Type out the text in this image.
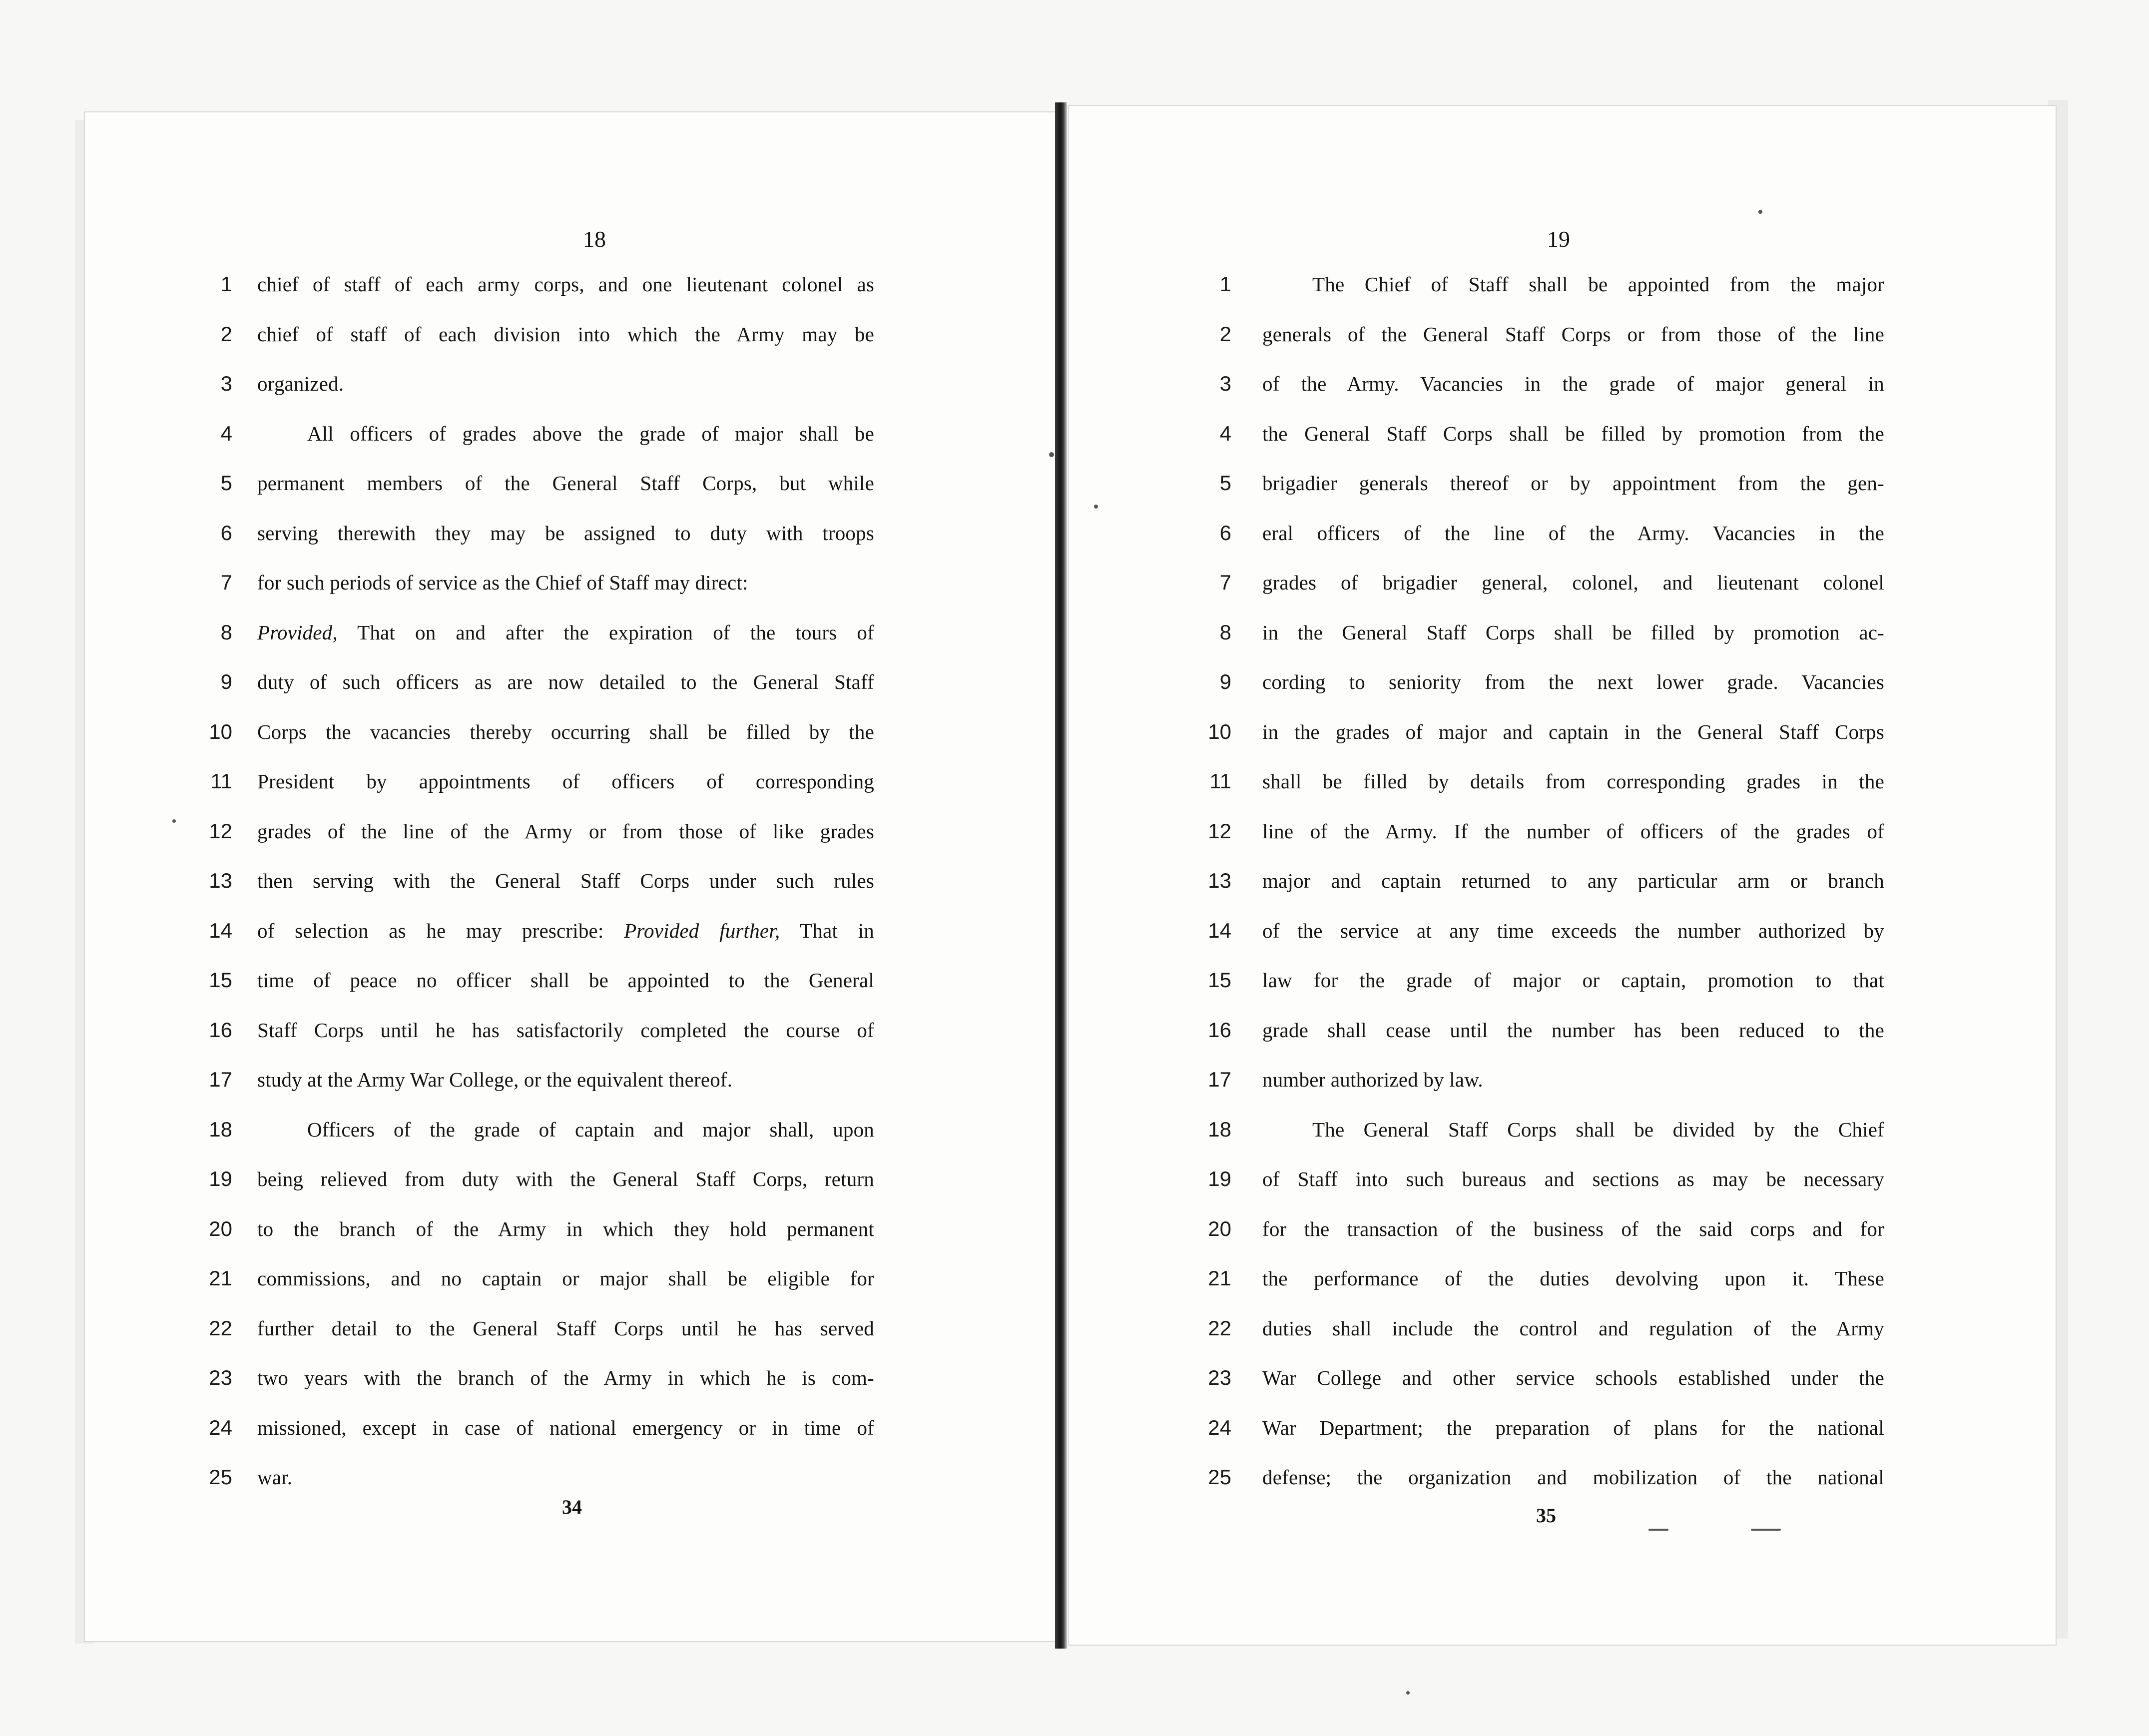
18	19
1 chief of staff of each army corps, and one lieutenant colonel as
2 chief of staff of each division into which the Army may be
3 organized.
4	All officers of grades above the grade of major shall be
5 permanent members of the General Staff Corps, but while
6 serving therewith they may be assigned to duty with troops
7 for such periods of service as the Chief of Staff may direct:
8 Provided, That on and after the expiration of the tours of
9 duty of such officers as are now detailed to the General Staff
10 Corps the vacancies thereby occurring shall be filled by the
11 President by appointments of officers of corresponding
12 grades of the line of the Army or from those of like grades
13 then serving with the General Staff Corps under such rules
14 of selection as he may prescribe: Provided further, That in
15 time of peace no officer shall be appointed to the General
16 Staff Corps until he has satisfactorily completed the course of
17 study at the Army War College, or the equivalent thereof.
18	Officers of the grade of captain and major shall, upon
19 being relieved from duty with the General Staff Corps, return
20 to the branch of the Army in which they hold permanent
21 commissions, and no captain or major shall be eligible for
22 further detail to the General Staff Corps until he has served
23 two years with the branch of the Army in which he is com-
24 missioned, except in case of national emergency or in time of
25 war.
1	The Chief of Staff shall be appointed from the major
2 generals of the General Staff Corps or from those of the line
3 of the Army. Vacancies in the grade of major general in
4 the General Staff Corps shall be filled by promotion from the
5 brigadier generals thereof or by appointment from the gen-
6 eral officers of the line of the Army. Vacancies in the
7 grades of brigadier general, colonel, and lieutenant colonel
8 in the General Staff Corps shall be filled by promotion ac-
9 cording to seniority from the next lower grade. Vacancies
10 in the grades of major and captain in the General Staff Corps
11 shall be filled by details from corresponding grades in the
12 line of the Army. If the number of officers of the grades of
13 major and captain returned to any particular arm or branch
14 of the service at any time exceeds the number authorized by
15 law for the grade of major or captain, promotion to that
16 grade shall cease until the number has been reduced to the
17 number authorized by law.
18	The General Staff Corps shall be divided by the Chief
19 of Staff into such bureaus and sections as may be necessary
20 for the transaction of the business of the said corps and for
21 the performance of the duties devolving upon it. These
22 duties shall include the control and regulation of the Army
23 War College and other service schools established under the
24 War Department; the preparation of plans for the national
25 defense; the organization and mobilization of the national
34	35
